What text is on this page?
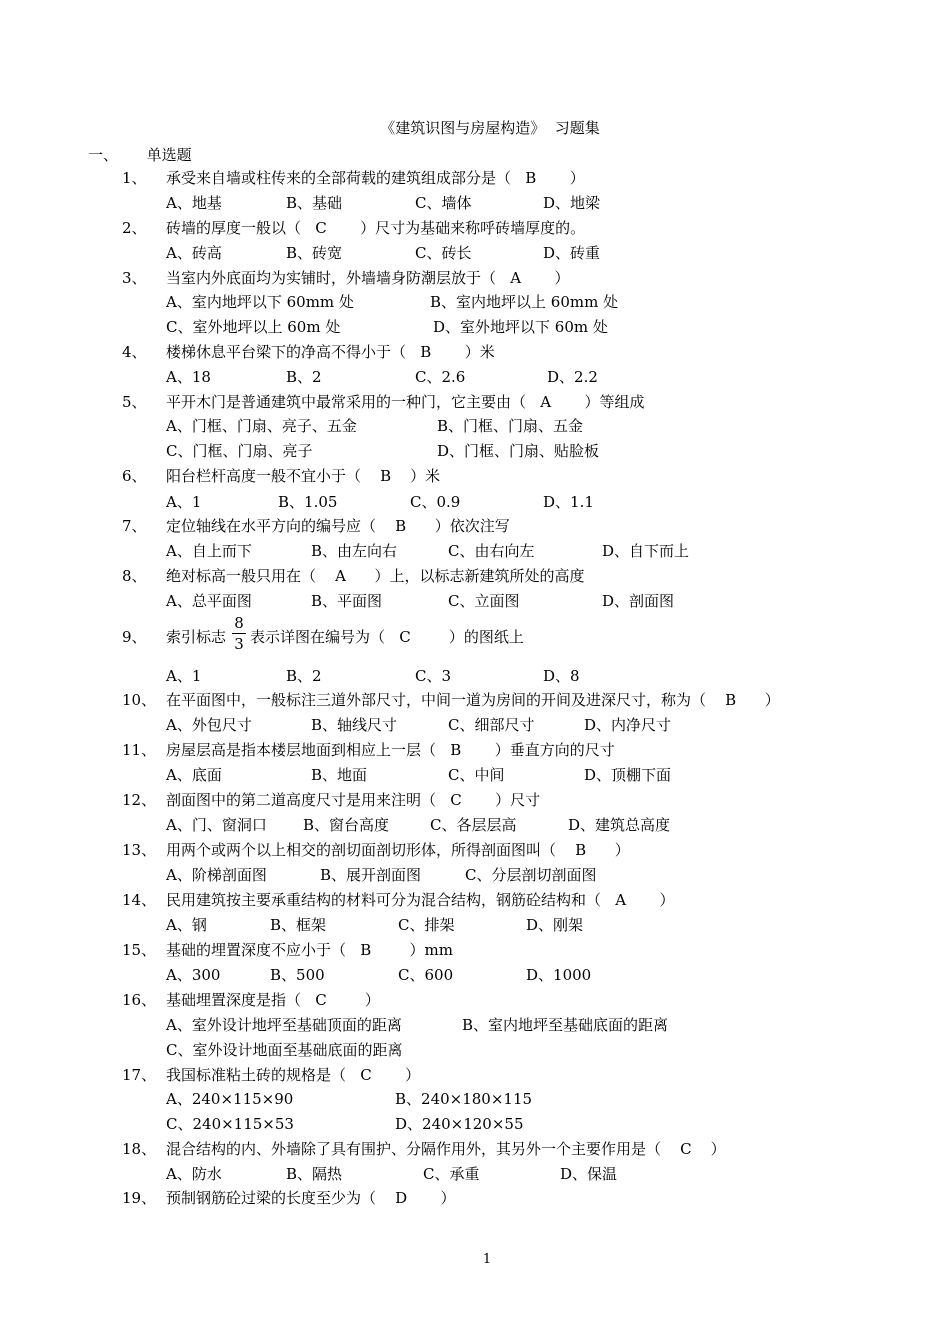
《建筑识图与房屋构造》  习题集
一、      单选题
1、 承受来自墙或柱传来的全部荷载的建筑组成部分是（   B       ）
A、地基	B、基础	C、墙体	D、地梁
2、 砖墙的厚度一般以（   C       ）尺寸为基础来称呼砖墙厚度的。
A、砖高	B、砖宽	C、砖长	D、砖重
3、 当室内外底面均为实铺时，外墙墙身防潮层放于（   A       ）
A、室内地坪以下 60mm 处	B、室内地坪以上 60mm 处
C、室外地坪以上 60m 处	D、室外地坪以下 60m 处
4、 楼梯休息平台梁下的净高不得小于（   B       ）米
A、18	B、2	C、2.6	D、2.2
5、 平开木门是普通建筑中最常采用的一种门，它主要由（   A       ）等组成
A、门框、门扇、亮子、五金	B、门框、门扇、五金
C、门框、门扇、亮子	D、门框、门扇、贴脸板
6、 阳台栏杆高度一般不宜小于（    B    ）米
A、1	B、1.05	C、0.9	D、1.1
7、 定位轴线在水平方向的编号应（    B      ）依次注写
A、自上而下	B、由左向右	C、由右向左	D、自下而上
8、 绝对标高一般只用在（    A      ）上，以标志新建筑所处的高度
A、总平面图	B、平面图	C、立面图	D、剖面图
9、 索引标志
8
3 表示详图在编号为（   C        ）的图纸上
A、1	B、2	C、3	D、8
10、 在平面图中，一般标注三道外部尺寸，中间一道为房间的开间及进深尺寸，称为（    B      ）
A、外包尺寸	B、轴线尺寸	C、细部尺寸	D、内净尺寸
11、 房屋层高是指本楼层地面到相应上一层（   B       ）垂直方向的尺寸
A、底面	B、地面	C、中间	D、顶棚下面
12、 剖面图中的第二道高度尺寸是用来注明（   C       ）尺寸
A、门、窗洞口 B、窗台高度	C、各层层高	D、建筑总高度
13、 用两个或两个以上相交的剖切面剖切形体，所得剖面图叫（    B      ）
A、阶梯剖面图	B、展开剖面图	C、分层剖切剖面图
14、 民用建筑按主要承重结构的材料可分为混合结构，钢筋砼结构和（   A       ）
A、钢	B、框架	C、排架	D、刚架
15、 基础的埋置深度不应小于（   B        ）mm
A、300	B、500	C、600	D、1000
16、 基础埋置深度是指（   C        ）
A、室外设计地坪至基础顶面的距离	B、室内地坪至基础底面的距离
C、室外设计地面至基础底面的距离
17、 我国标准粘土砖的规格是（   C       ）
A、240×115×90	B、240×180×115
C、240×115×53	D、240×120×55
18、 混合结构的内、外墙除了具有围护、分隔作用外，其另外一个主要作用是（    C    ）
A、防水	B、隔热	C、承重	D、保温
19、 预制钢筋砼过梁的长度至少为（    D       ）
1
